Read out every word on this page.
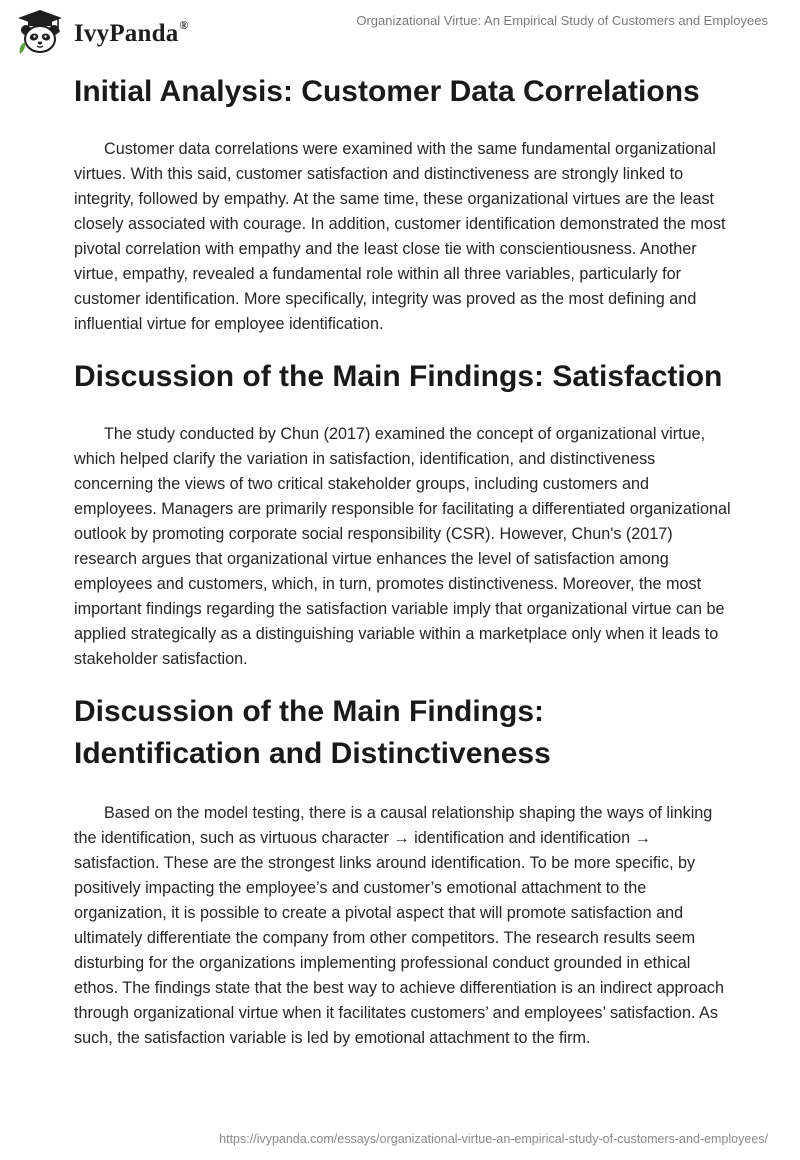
IvyPanda®	Organizational Virtue: An Empirical Study of Customers and Employees
Initial Analysis: Customer Data Correlations

Customer data correlations were examined with the same fundamental organizational virtues. With this said, customer satisfaction and distinctiveness are strongly linked to integrity, followed by empathy. At the same time, these organizational virtues are the least closely associated with courage. In addition, customer identification demonstrated the most pivotal correlation with empathy and the least close tie with conscientiousness. Another virtue, empathy, revealed a fundamental role within all three variables, particularly for customer identification. More specifically, integrity was proved as the most defining and influential virtue for employee identification.

Discussion of the Main Findings: Satisfaction

The study conducted by Chun (2017) examined the concept of organizational virtue, which helped clarify the variation in satisfaction, identification, and distinctiveness concerning the views of two critical stakeholder groups, including customers and employees. Managers are primarily responsible for facilitating a differentiated organizational outlook by promoting corporate social responsibility (CSR). However, Chun's (2017) research argues that organizational virtue enhances the level of satisfaction among employees and customers, which, in turn, promotes distinctiveness. Moreover, the most important findings regarding the satisfaction variable imply that organizational virtue can be applied strategically as a distinguishing variable within a marketplace only when it leads to stakeholder satisfaction.

Discussion of the Main Findings: Identification and Distinctiveness

Based on the model testing, there is a causal relationship shaping the ways of linking the identification, such as virtuous character → identification and identification → satisfaction. These are the strongest links around identification. To be more specific, by positively impacting the employee’s and customer’s emotional attachment to the organization, it is possible to create a pivotal aspect that will promote satisfaction and ultimately differentiate the company from other competitors. The research results seem disturbing for the organizations implementing professional conduct grounded in ethical ethos. The findings state that the best way to achieve differentiation is an indirect approach through organizational virtue when it facilitates customers’ and employees’ satisfaction. As such, the satisfaction variable is led by emotional attachment to the firm.

https://ivypanda.com/essays/organizational-virtue-an-empirical-study-of-customers-and-employees/
